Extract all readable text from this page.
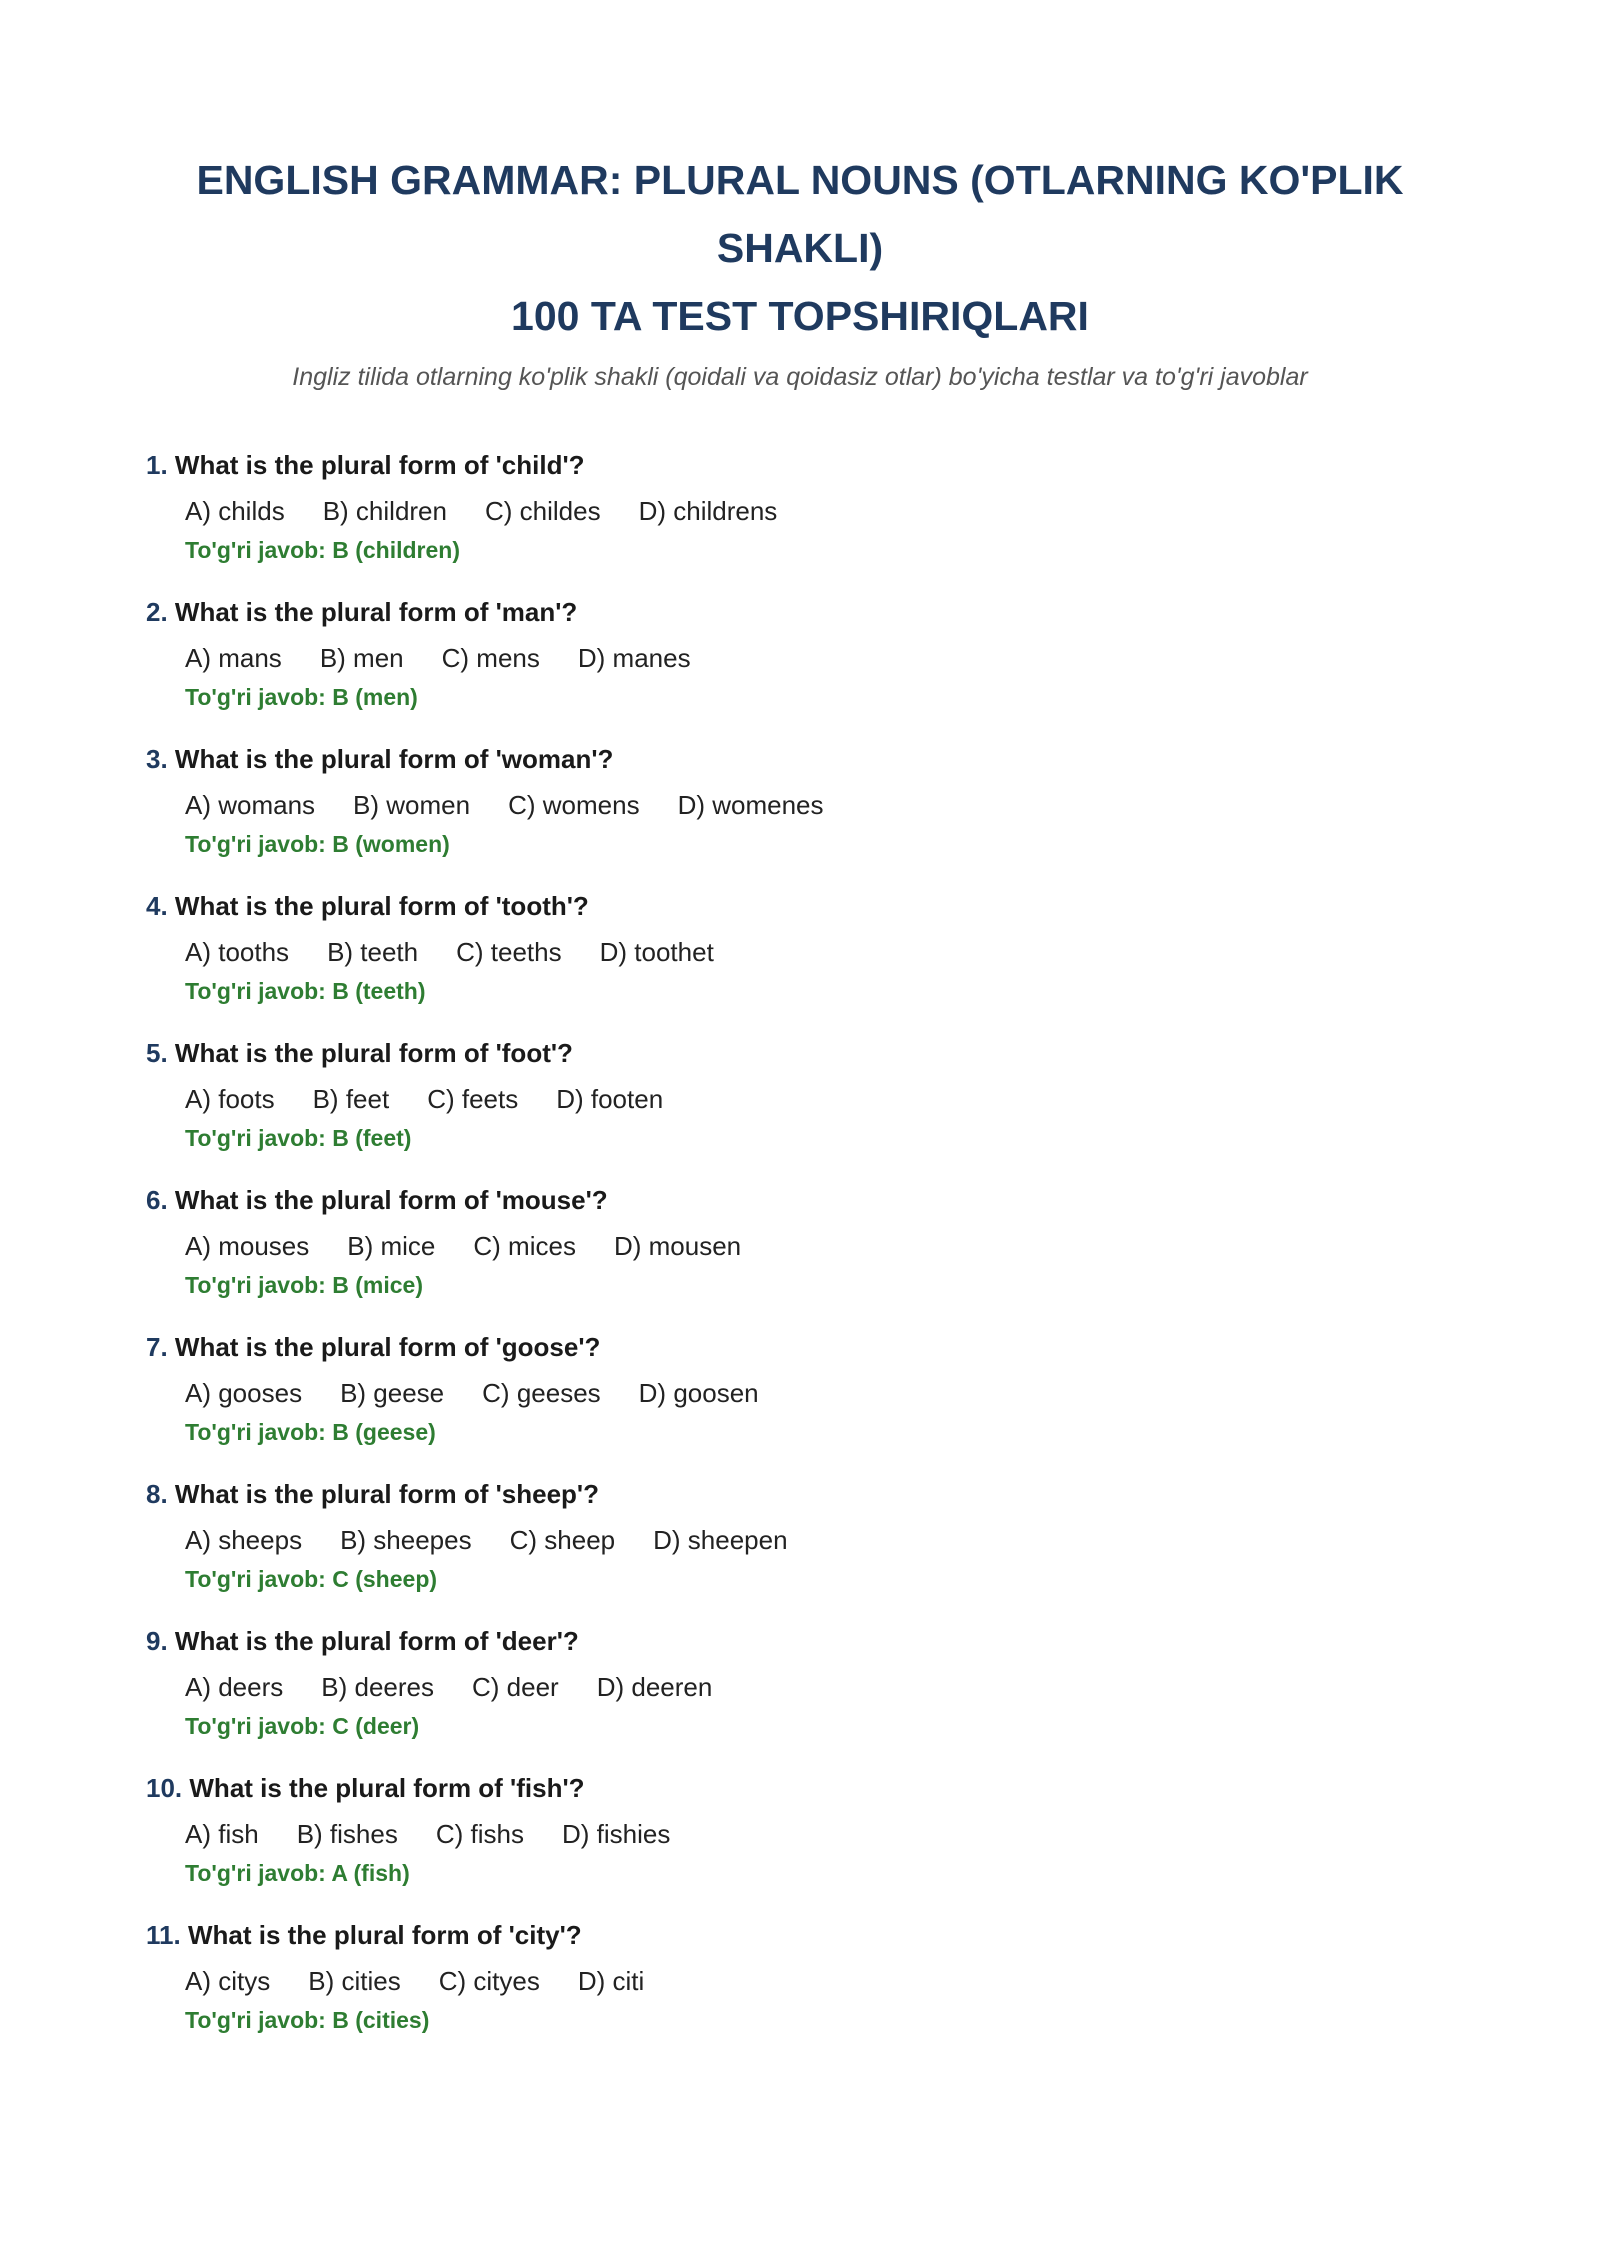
ENGLISH GRAMMAR: PLURAL NOUNS (OTLARNING KO'PLIK SHAKLI)
100 TA TEST TOPSHIRIQLARI

Ingliz tilida otlarning ko'plik shakli (qoidali va qoidasiz otlar) bo'yicha testlar va to'g'ri javoblar

1. What is the plural form of 'child'?
A) childs B) children C) childes D) childrens
To'g'ri javob: B (children)
2. What is the plural form of 'man'?
A) mans B) men C) mens D) manes
To'g'ri javob: B (men)
3. What is the plural form of 'woman'?
A) womans B) women C) womens D) womenes
To'g'ri javob: B (women)
4. What is the plural form of 'tooth'?
A) tooths B) teeth C) teeths D) toothet
To'g'ri javob: B (teeth)
5. What is the plural form of 'foot'?
A) foots B) feet C) feets D) footen
To'g'ri javob: B (feet)
6. What is the plural form of 'mouse'?
A) mouses B) mice C) mices D) mousen
To'g'ri javob: B (mice)
7. What is the plural form of 'goose'?
A) gooses B) geese C) geeses D) goosen
To'g'ri javob: B (geese)
8. What is the plural form of 'sheep'?
A) sheeps B) sheepes C) sheep D) sheepen
To'g'ri javob: C (sheep)
9. What is the plural form of 'deer'?
A) deers B) deeres C) deer D) deeren
To'g'ri javob: C (deer)
10. What is the plural form of 'fish'?
A) fish B) fishes C) fishs D) fishies
To'g'ri javob: A (fish)
11. What is the plural form of 'city'?
A) citys B) cities C) cityes D) citi
To'g'ri javob: B (cities)
